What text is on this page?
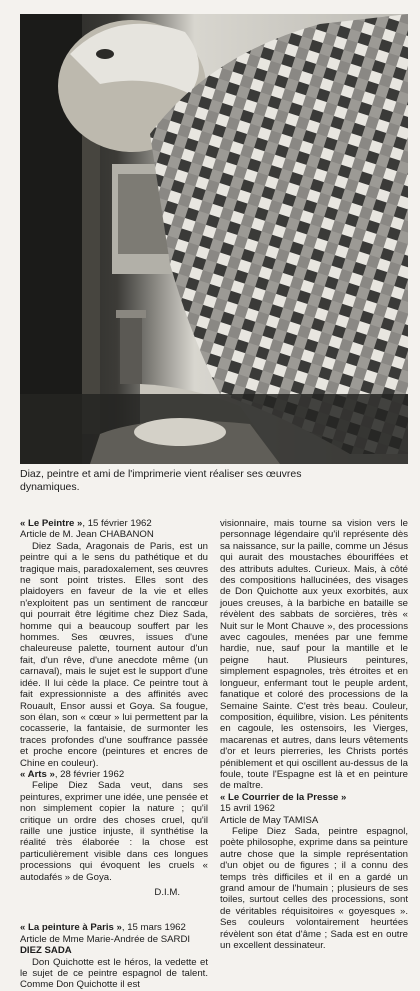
Diaz, peintre et ami de l'imprimerie vient réaliser ses œuvres dynamiques.

« Le Peintre », 15 février 1962

Article de M. Jean CHABANON

Diez Sada, Aragonais de Paris, est un peintre qui a le sens du pathétique et du tragique mais, paradoxalement, ses œuvres ne sont point tristes. Elles sont des plaidoyers en faveur de la vie et elles n'exploitent pas un sentiment de rancœur qui pourrait être légitime chez Diez Sada, homme qui a beaucoup souffert par les hommes. Ses œuvres, issues d'une chaleureuse palette, tournent autour d'un fait, d'un rêve, d'une anecdote même (un carnaval), mais le sujet est le support d'une idée. Il lui cède la place. Ce peintre tout à fait expressionniste a des affinités avec Rouault, Ensor aussi et Goya. Sa fougue, son élan, son « cœur » lui permettent par la cocasserie, la fantaisie, de surmonter les traces profondes d'une souffrance passée et proche encore (peintures et encres de Chine en couleur).

« Arts », 28 février 1962

Felipe Diez Sada veut, dans ses peintures, exprimer une idée, une pensée et non simplement copier la nature ; qu'il critique un ordre des choses cruel, qu'il raille une justice injuste, il synthétise la réalité très élaborée : la chose est particulièrement visible dans ces longues processions qui évoquent les cruels « autodafés » de Goya.

D.I.M.

« La peinture à Paris », 15 mars 1962

Article de Mme Marie-Andrée de SARDI

DIEZ SADA

Don Quichotte est le héros, la vedette et le sujet de ce peintre espagnol de talent. Comme Don Quichotte il est

visionnaire, mais tourne sa vision vers le personnage légendaire qu'il représente dès sa naissance, sur la paille, comme un Jésus qui aurait des moustaches ébouriffées et des attributs adultes. Curieux. Mais, à côté des compositions hallucinées, des visages de Don Quichotte aux yeux exorbités, aux joues creuses, à la barbiche en bataille se révèlent des sabbats de sorcières, très « Nuit sur le Mont Chauve », des processions avec cagoules, menées par une femme hardie, nue, sauf pour la mantille et le peigne haut. Plusieurs peintures, simplement espagnoles, très étroites et en longueur, enfermant tout le peuple ardent, fanatique et coloré des processions de la Semaine Sainte. C'est très beau. Couleur, composition, équilibre, vision. Les pénitents en cagoule, les ostensoirs, les Vierges, macarenas et autres, dans leurs vêtements d'or et leurs pierreries, les Christs portés péniblement et qui oscillent au-dessus de la foule, toute l'Espagne est là et en peinture de maître.

« Le Courrier de la Presse »

15 avril 1962

Article de May TAMISA

Felipe Diez Sada, peintre espagnol, poète philosophe, exprime dans sa peinture autre chose que la simple représentation d'un objet ou de figures ; il a connu des temps très difficiles et il en a gardé un grand amour de l'humain ; plusieurs de ses toiles, surtout celles des processions, sont de véritables réquisitoires « goyesques ». Ses couleurs volontairement heurtées révèlent son état d'âme ; Sada est en outre un excellent dessinateur.
